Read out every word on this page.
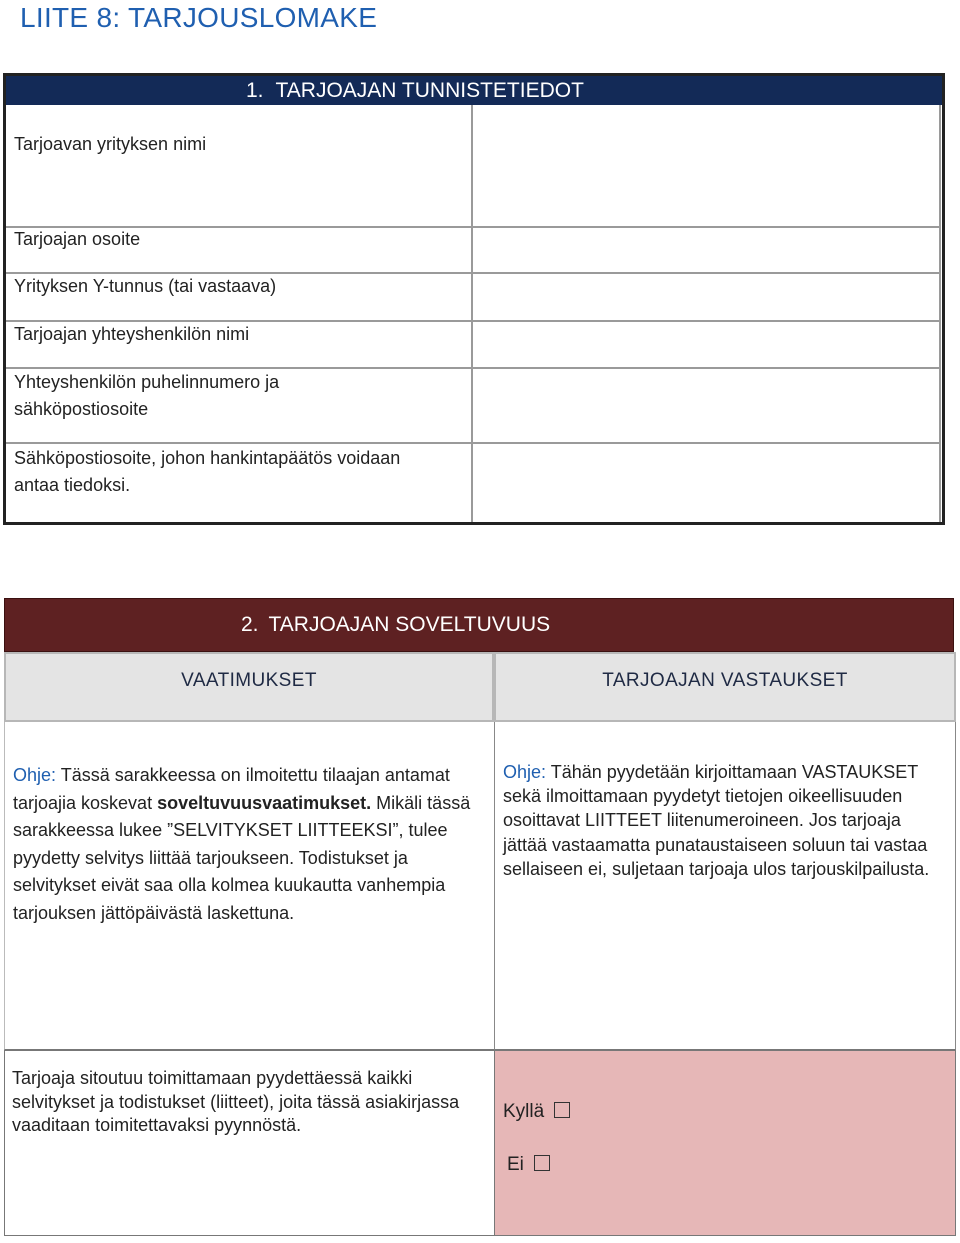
LIITE 8: TARJOUSLOMAKE
1. TARJOAJAN TUNNISTETIEDOT
Tarjoavan yrityksen nimi
Tarjoajan osoite
Yrityksen Y-tunnus (tai vastaava)
Tarjoajan yhteyshenkilön nimi
Yhteyshenkilön puhelinnumero ja
sähköpostiosoite
Sähköpostiosoite, johon hankintapäätös voidaan
antaa tiedoksi.
2. TARJOAJAN SOVELTUVUUS
VAATIMUKSET	TARJOAJAN VASTAUKSET
Ohje: Tässä sarakkeessa on ilmoitettu tilaajan antamat tarjoajia koskevat soveltuvuusvaatimukset. Mikäli tässä sarakkeessa lukee ”SELVITYKSET LIITTEEKSI”, tulee pyydetty selvitys liittää tarjoukseen. Todistukset ja selvitykset eivät saa olla kolmea kuukautta vanhempia tarjouksen jättöpäivästä laskettuna.
Ohje: Tähän pyydetään kirjoittamaan VASTAUKSET sekä ilmoittamaan pyydetyt tietojen oikeellisuuden osoittavat LIITTEET liitenumeroineen. Jos tarjoaja jättää vastaamatta punataustaiseen soluun tai vastaa sellaiseen ei, suljetaan tarjoaja ulos tarjouskilpailusta.
Tarjoaja sitoutuu toimittamaan pyydettäessä kaikki selvitykset ja todistukset (liitteet), joita tässä asiakirjassa vaaditaan toimitettavaksi pyynnöstä.
Kyllä
Ei
